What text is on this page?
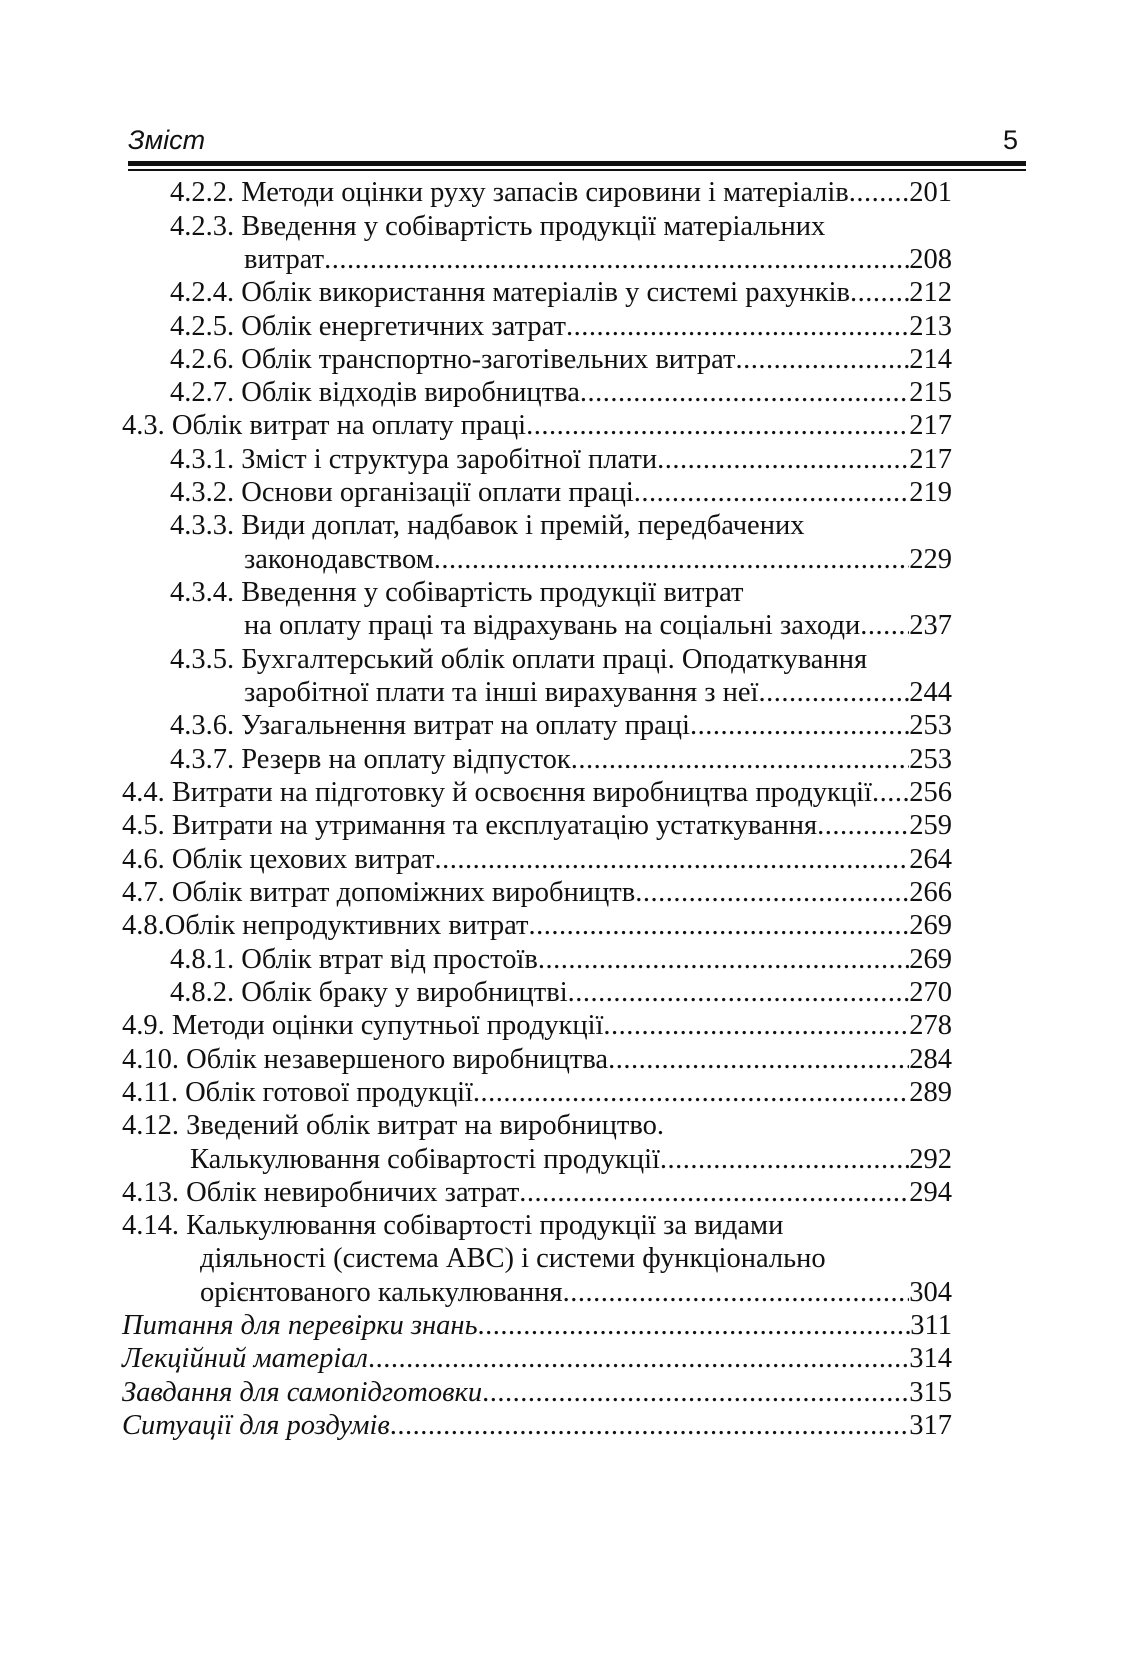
Зміст	5
4.2.2. Методи оцінки руху запасів сировини і матеріалів ..... 201
4.2.3. Введення у собівартість продукції матеріальних
витрат .....	208
4.2.4. Облік використання матеріалів у системі рахунків ..... 212
4.2.5. Облік енергетичних затрат .....	213
4.2.6. Облік транспортно-заготівельних витрат .....	214
4.2.7. Облік відходів виробництва .....	215
4.3. Облік витрат на оплату праці .....	217
4.3.1. Зміст і структура заробітної плати .....	217
4.3.2. Основи організації оплати праці .....	219
4.3.3. Види доплат, надбавок і премій, передбачених
законодавством .....	229
4.3.4. Введення у собівартість продукції витрат
на оплату праці та відрахувань на соціальні заходи ..... 237
4.3.5. Бухгалтерський облік оплати праці. Оподаткування
заробітної плати та інші вирахування з неї .....	244
4.3.6. Узагальнення витрат на оплату праці .....	253
4.3.7. Резерв на оплату відпусток .....	253
4.4. Витрати на підготовку й освоєння виробництва продукції ..... 256
4.5. Витрати на утримання та експлуатацію устаткування .....	259
4.6. Облік цехових витрат .....	264
4.7. Облік витрат допоміжних виробництв .....	266
4.8.Облік непродуктивних витрат .....	269
4.8.1. Облік втрат від простоїв .....	269
4.8.2. Облік браку у виробництві .....	270
4.9. Методи оцінки супутньої продукції .....	278
4.10. Облік незавершеного виробництва .....	284
4.11. Облік готової продукції .....	289
4.12. Зведений облік витрат на виробництво.
Калькулювання собівартості продукції .....	292
4.13. Облік невиробничих затрат .....	294
4.14. Калькулювання собівартості продукції за видами
діяльності (система АВС) і системи функціонально
орієнтованого калькулювання .....	304
Питання для перевірки знань .....	311
Лекційний матеріал .....	314
Завдання для самопідготовки .....	315
Ситуації для роздумів .....	317
